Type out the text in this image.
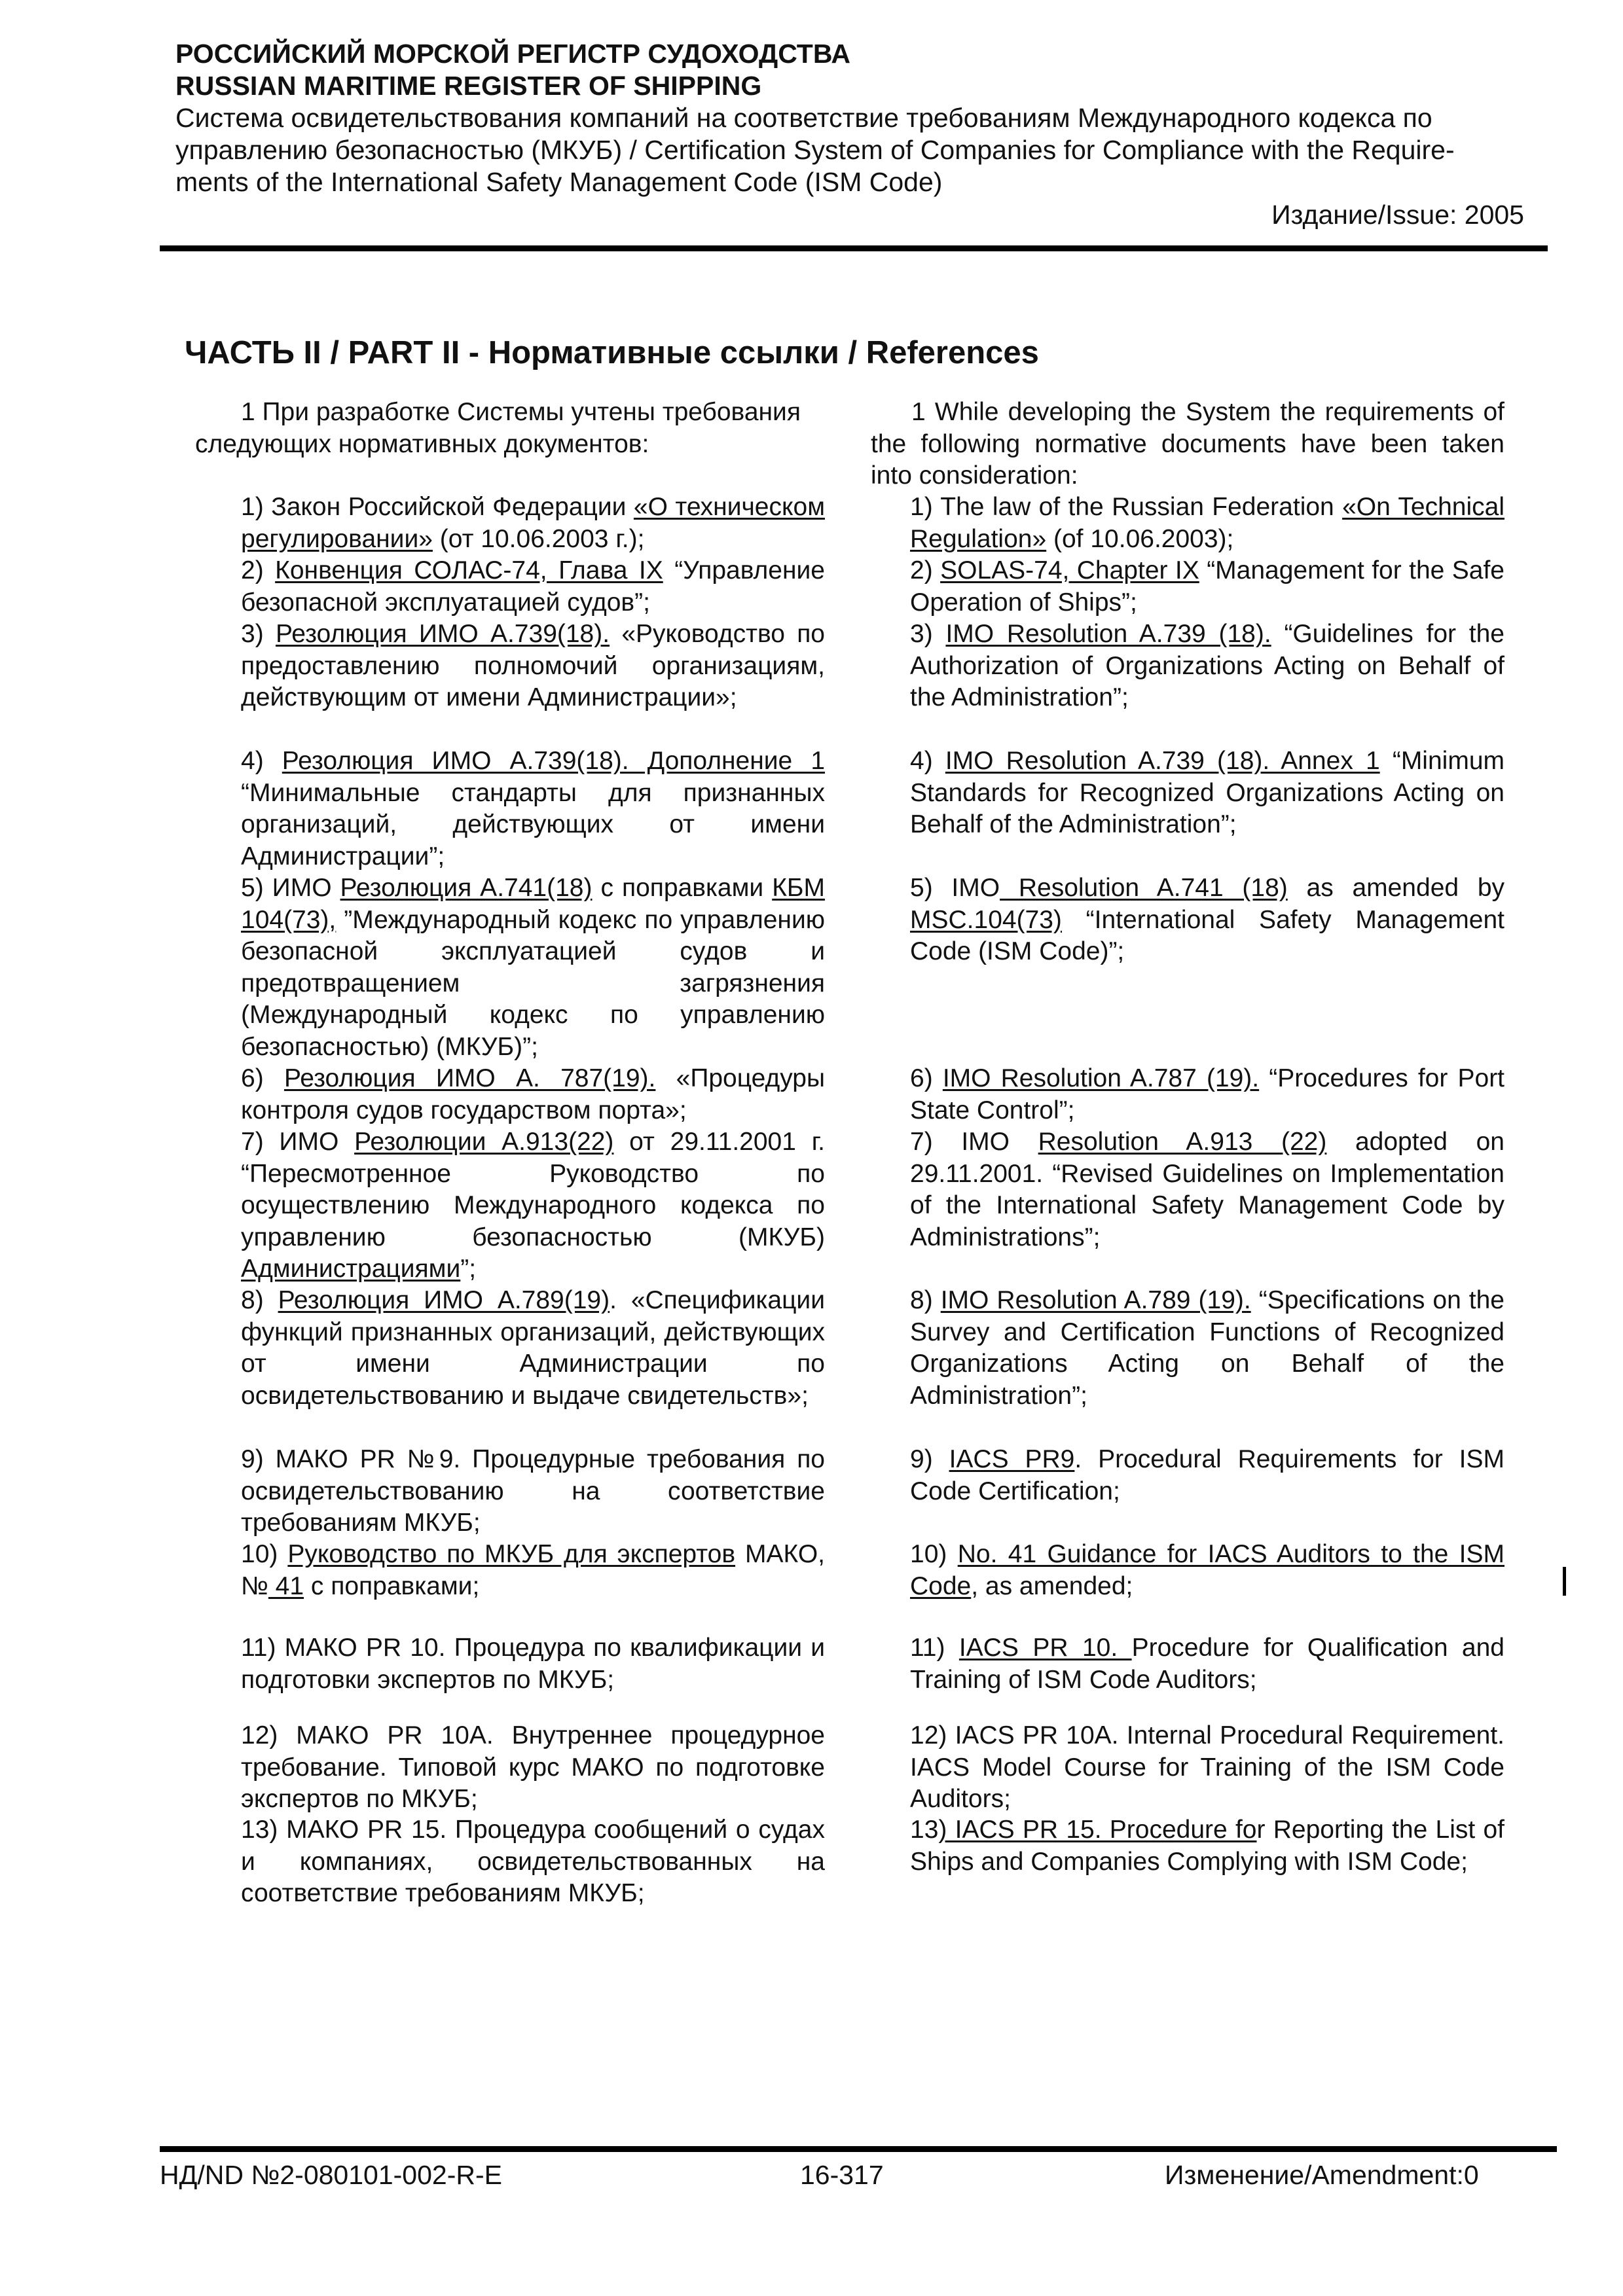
РОССИЙСКИЙ МОРСКОЙ РЕГИСТР СУДОХОДСТВА

RUSSIAN MARITIME REGISTER OF SHIPPING

Система освидетельствования компаний на соответствие требованиям Международного кодекса по

управлению безопасностью (МКУБ) / Certification System of Companies for Compliance with the Require-

ments of the International Safety Management Code (ISM Code)

Издание/Issue: 2005
ЧАСТЬ II / PART II - Нормативные ссылки / References

1 При разработке Системы учтены требования следующих нормативных документов:

1) Закон Российской Федерации «О техническом регулировании» (от 10.06.2003 г.);

2) Конвенция СОЛАС-74, Глава IX “Управление безопасной эксплуатацией судов”;

3) Резолюция ИМО А.739(18). «Руководство по предоставлению полномочий организациям, действующим от имени Администрации»;

4) Резолюция ИМО А.739(18). Дополнение 1 “Минимальные стандарты для признанных организаций, действующих от имени Администрации”;

5) ИМО Резолюция А.741(18) с поправками КБМ 104(73), ”Международный кодекс по управлению безопасной эксплуатацией судов и предотвращением загрязнения (Международный кодекс по управлению безопасностью) (МКУБ)”;

6) Резолюция ИМО А. 787(19). «Процедуры контроля судов государством порта»;

7) ИМО Резолюции А.913(22) от 29.11.2001 г. “Пересмотренное Руководство по осуществлению Международного кодекса по управлению безопасностью (МКУБ) Администрациями”;

8) Резолюция ИМО А.789(19). «Спецификации функций признанных организаций, действующих от имени Администрации по освидетельствованию и выдаче свидетельств»;

9) МАКО PR №9. Процедурные требования по освидетельствованию на соответствие требованиям МКУБ;

10) Руководство по МКУБ для экспертов МАКО, № 41 с поправками;

11) МАКО PR 10. Процедура по квалификации и подготовки экспертов по МКУБ;

12) МАКО PR 10А. Внутреннее процедурное требование. Типовой курс МАКО по подготовке экспертов по МКУБ;

13) МАКО PR 15. Процедура сообщений о судах и компаниях, освидетельствованных на соответствие требованиям МКУБ;

1 While developing the System the requirements of the following normative documents have been taken into consideration:

1) The law of the Russian Federation «On Technical Regulation» (of 10.06.2003);

2) SOLAS-74, Chapter IX “Management for the Safe Operation of Ships”;

3) IMO Resolution A.739 (18). “Guidelines for the Authorization of Organizations Acting on Behalf of the Administration”;

4) IMO Resolution A.739 (18). Annex 1 “Minimum Standards for Recognized Organizations Acting on Behalf of the Administration”;

5) IMO Resolution A.741 (18) as amended by MSC.104(73) “International Safety Management Code (ISM Code)”;

6) IMO Resolution A.787 (19). “Procedures for Port State Control”;

7) IMO Resolution A.913 (22) adopted on 29.11.2001. “Revised Guidelines on Implementation of the International Safety Management Code by Administrations”;

8) IMO Resolution A.789 (19). “Specifications on the Survey and Certification Functions of Recognized Organizations Acting on Behalf of the Administration”;

9) IACS PR9. Procedural Requirements for ISM Code Certification;

10) No. 41 Guidance for IACS Auditors to the ISM Code, as amended;

11) IACS PR 10. Procedure for Qualification and Training of ISM Code Auditors;

12) IACS PR 10A. Internal Procedural Requirement. IACS Model Course for Training of the ISM Code Auditors;

13) IACS PR 15. Procedure for Reporting the List of Ships and Companies Complying with ISM Code;

НД/ND №2-080101-002-R-E	16-317	Изменение/Amendment:0
